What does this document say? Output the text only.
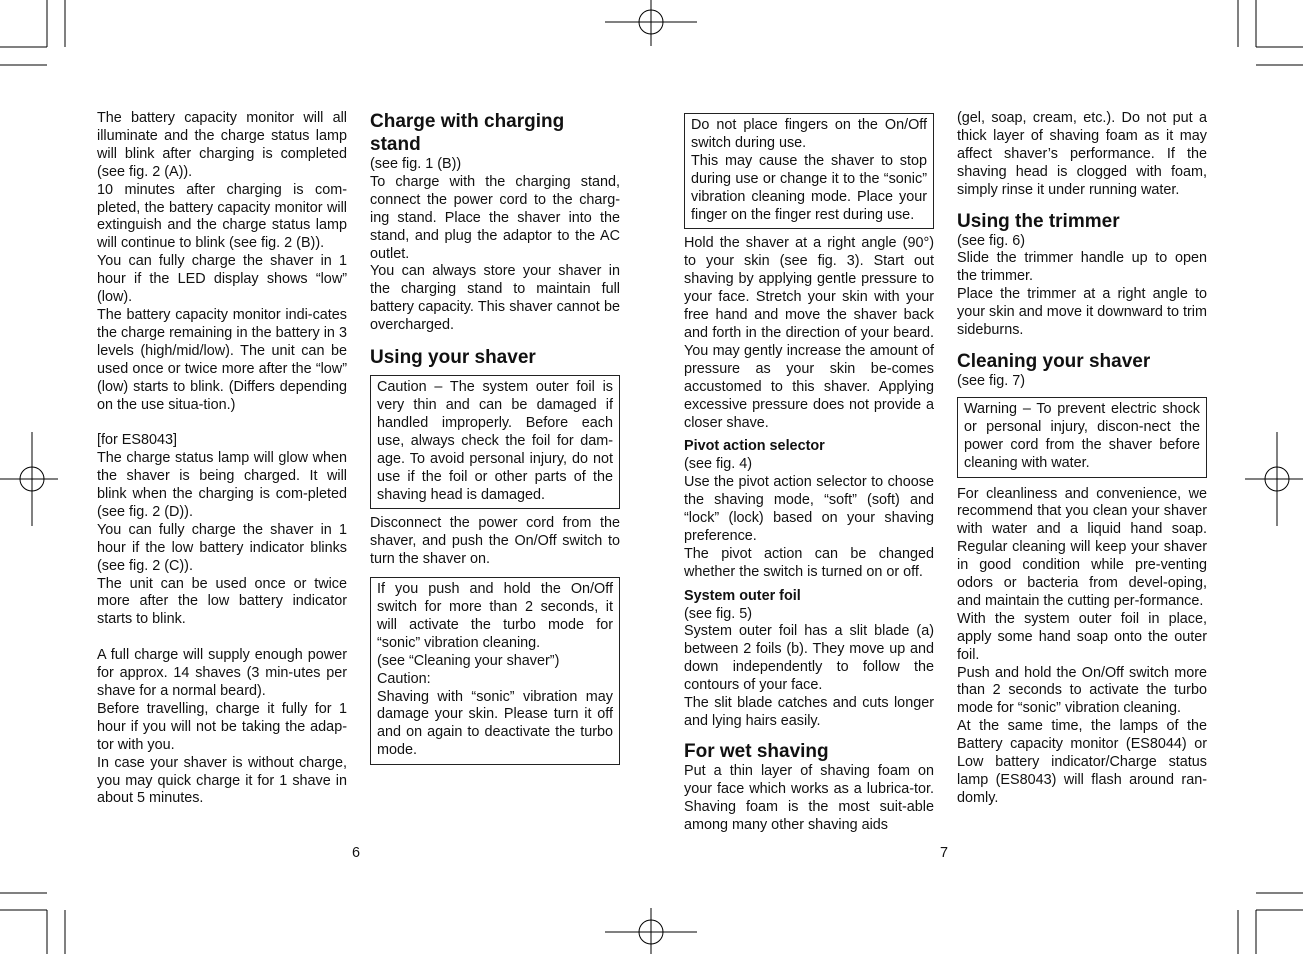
The battery capacity monitor will all illuminate and the charge status lamp will blink after charging is completed (see fig. 2 (A)).

10 minutes after charging is com-pleted, the battery capacity monitor will extinguish and the charge status lamp will continue to blink (see fig. 2 (B)).

You can fully charge the shaver in 1 hour if the LED display shows “low” (low).

The battery capacity monitor indi-cates the charge remaining in the battery in 3 levels (high/mid/low). The unit can be used once or twice more after the “low” (low) starts to blink. (Differs depending on the use situa-tion.)

[for ES8043]

The charge status lamp will glow when the shaver is being charged. It will blink when the charging is com-pleted (see fig. 2 (D)).

You can fully charge the shaver in 1 hour if the low battery indicator blinks (see fig. 2 (C)).

The unit can be used once or twice more after the low battery indicator starts to blink.

A full charge will supply enough power for approx. 14 shaves (3 min-utes per shave for a normal beard).

Before travelling, charge it fully for 1 hour if you will not be taking the adap-tor with you.

In case your shaver is without charge, you may quick charge it for 1 shave in about 5 minutes.

Charge with charging stand

(see fig. 1 (B))

To charge with the charging stand, connect the power cord to the charg-ing stand. Place the shaver into the stand, and plug the adaptor to the AC outlet.

You can always store your shaver in the charging stand to maintain full battery capacity. This shaver cannot be overcharged.

Using your shaver

Caution – The system outer foil is very thin and can be damaged if handled improperly. Before each use, always check the foil for dam-age. To avoid personal injury, do not use if the foil or other parts of the shaving head is damaged.

Disconnect the power cord from the shaver, and push the On/Off switch to turn the shaver on.

If you push and hold the On/Off switch for more than 2 seconds, it will activate the turbo mode for “sonic” vibration cleaning.

(see “Cleaning your shaver”)

Caution:

Shaving with “sonic” vibration may damage your skin. Please turn it off and on again to deactivate the turbo mode.

6

Do not place fingers on the On/Off switch during use.

This may cause the shaver to stop during use or change it to the “sonic” vibration cleaning mode. Place your finger on the finger rest during use.

Hold the shaver at a right angle (90°) to your skin (see fig. 3). Start out shaving by applying gentle pressure to your face. Stretch your skin with your free hand and move the shaver back and forth in the direction of your beard. You may gently increase the amount of pressure as your skin be-comes accustomed to this shaver. Applying excessive pressure does not provide a closer shave.

Pivot action selector

(see fig. 4)

Use the pivot action selector to choose the shaving mode, “soft” (soft) and “lock” (lock) based on your shaving preference.

The pivot action can be changed whether the switch is turned on or off.

System outer foil

(see fig. 5)

System outer foil has a slit blade (a) between 2 foils (b). They move up and down independently to follow the contours of your face.

The slit blade catches and cuts longer and lying hairs easily.

For wet shaving

Put a thin layer of shaving foam on your face which works as a lubrica-tor. Shaving foam is the most suit-able among many other shaving aids

7

(gel, soap, cream, etc.). Do not put a thick layer of shaving foam as it may affect shaver’s performance. If the shaving head is clogged with foam, simply rinse it under running water.

Using the trimmer

(see fig. 6)

Slide the trimmer handle up to open the trimmer.

Place the trimmer at a right angle to your skin and move it downward to trim sideburns.

Cleaning your shaver

(see fig. 7)

Warning – To prevent electric shock or personal injury, discon-nect the power cord from the shaver before cleaning with water.

For cleanliness and convenience, we recommend that you clean your shaver with water and a liquid hand soap. Regular cleaning will keep your shaver in good condition while pre-venting odors or bacteria from devel-oping, and maintain the cutting per-formance.

With the system outer foil in place, apply some hand soap onto the outer foil.

Push and hold the On/Off switch more than 2 seconds to activate the turbo mode for “sonic” vibration cleaning.

At the same time, the lamps of the Battery capacity monitor (ES8044) or Low battery indicator/Charge status lamp (ES8043) will flash around ran-domly.
